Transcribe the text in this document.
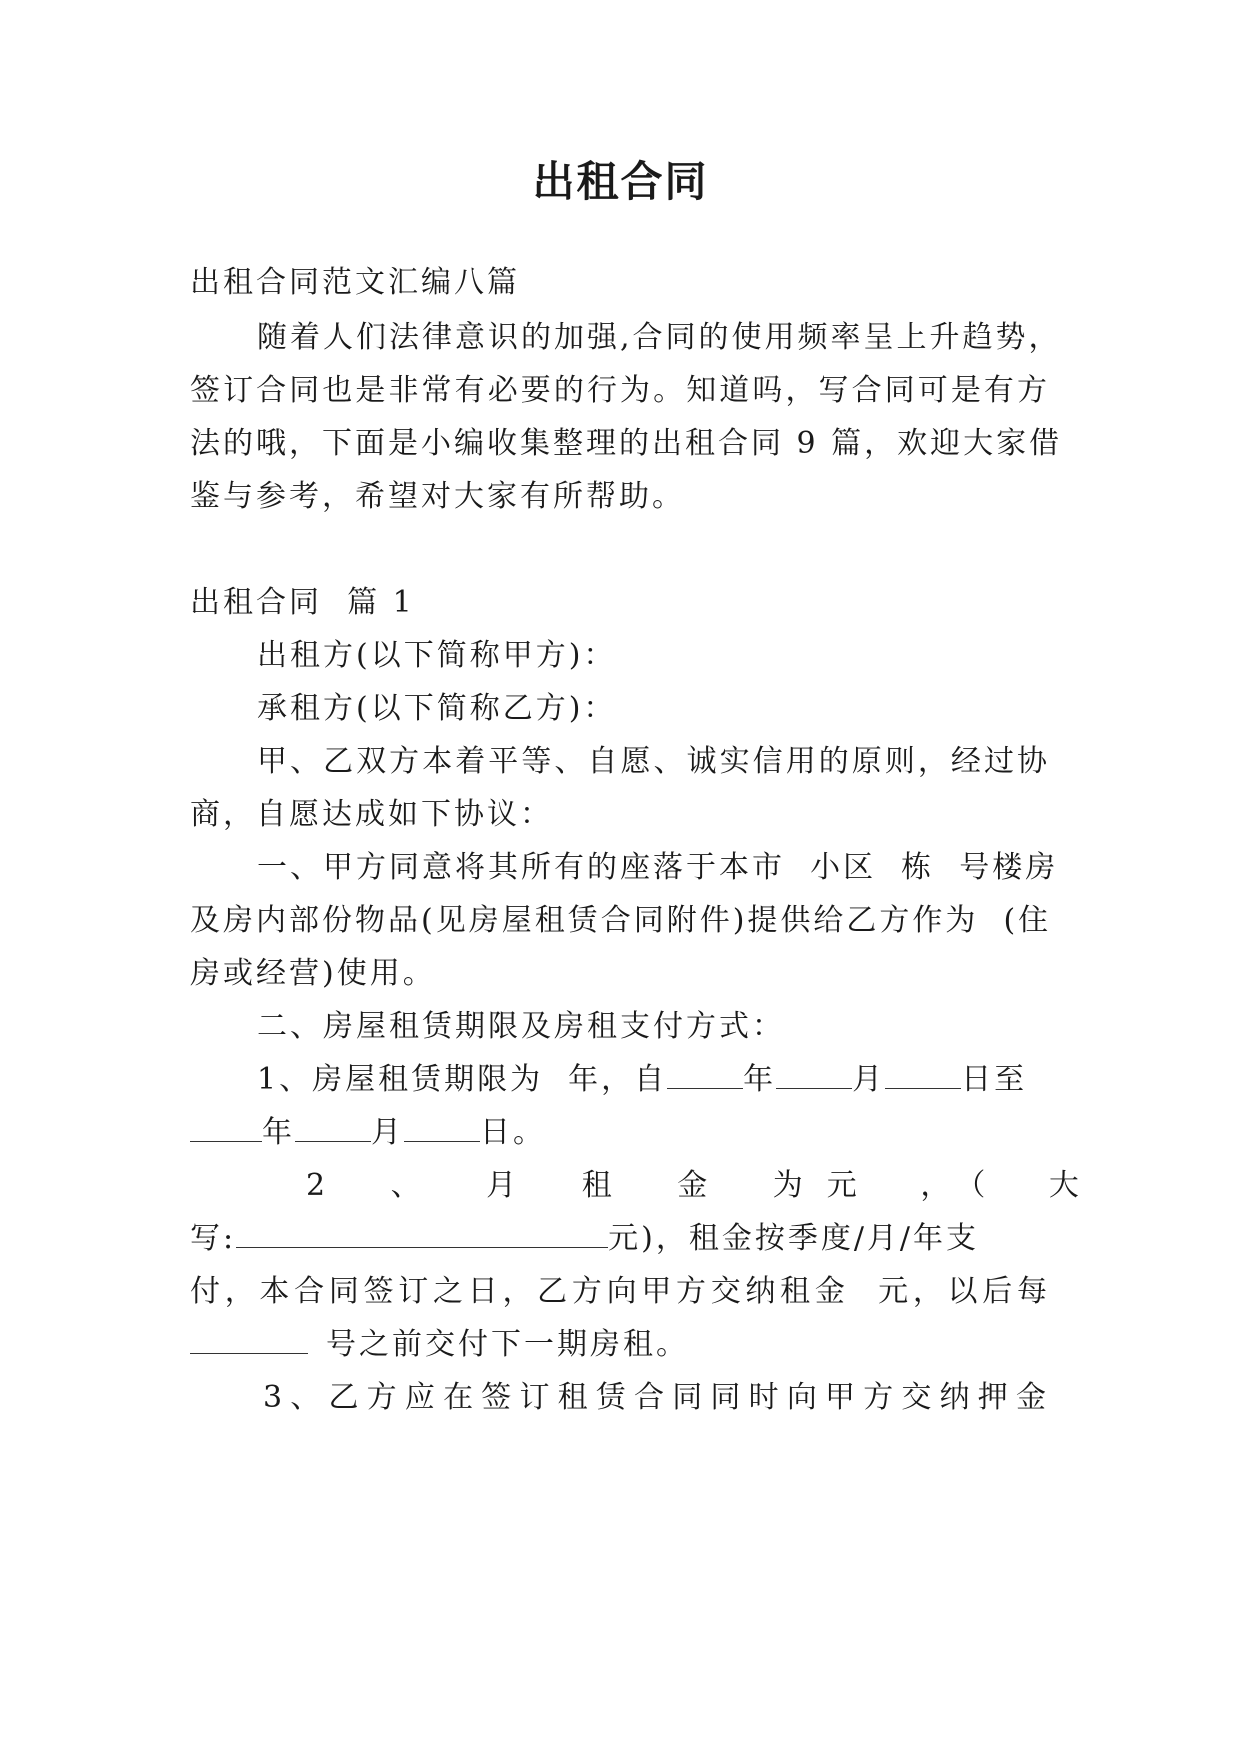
出租合同
出租合同范文汇编八篇
随着人们法律意识的加强,合同的使用频率呈上升趋势，
签订合同也是非常有必要的行为。知道吗，写合同可是有方
法的哦，下面是小编收集整理的出租合同 9 篇，欢迎大家借
鉴与参考，希望对大家有所帮助。
出租合同  篇 1
出租方(以下简称甲方)：
承租方(以下简称乙方)：
甲、乙双方本着平等、自愿、诚实信用的原则，经过协
商，自愿达成如下协议：
一、甲方同意将其所有的座落于本市  小区  栋  号楼房
及房内部份物品(见房屋租赁合同附件)提供给乙方作为  (住
房或经营)使用。
二、房屋租赁期限及房租支付方式：
1、房屋租赁期限为  年，自	年	月	日至
年	月	日。
2 、 月 租 金 为 元 ，（ 大
写:	元)，租金按季度/月/年支
付，本合同签订之日，乙方向甲方交纳租金  元，以后每
号之前交付下一期房租。
3、乙方应在签订租赁合同同时向甲方交纳押金
